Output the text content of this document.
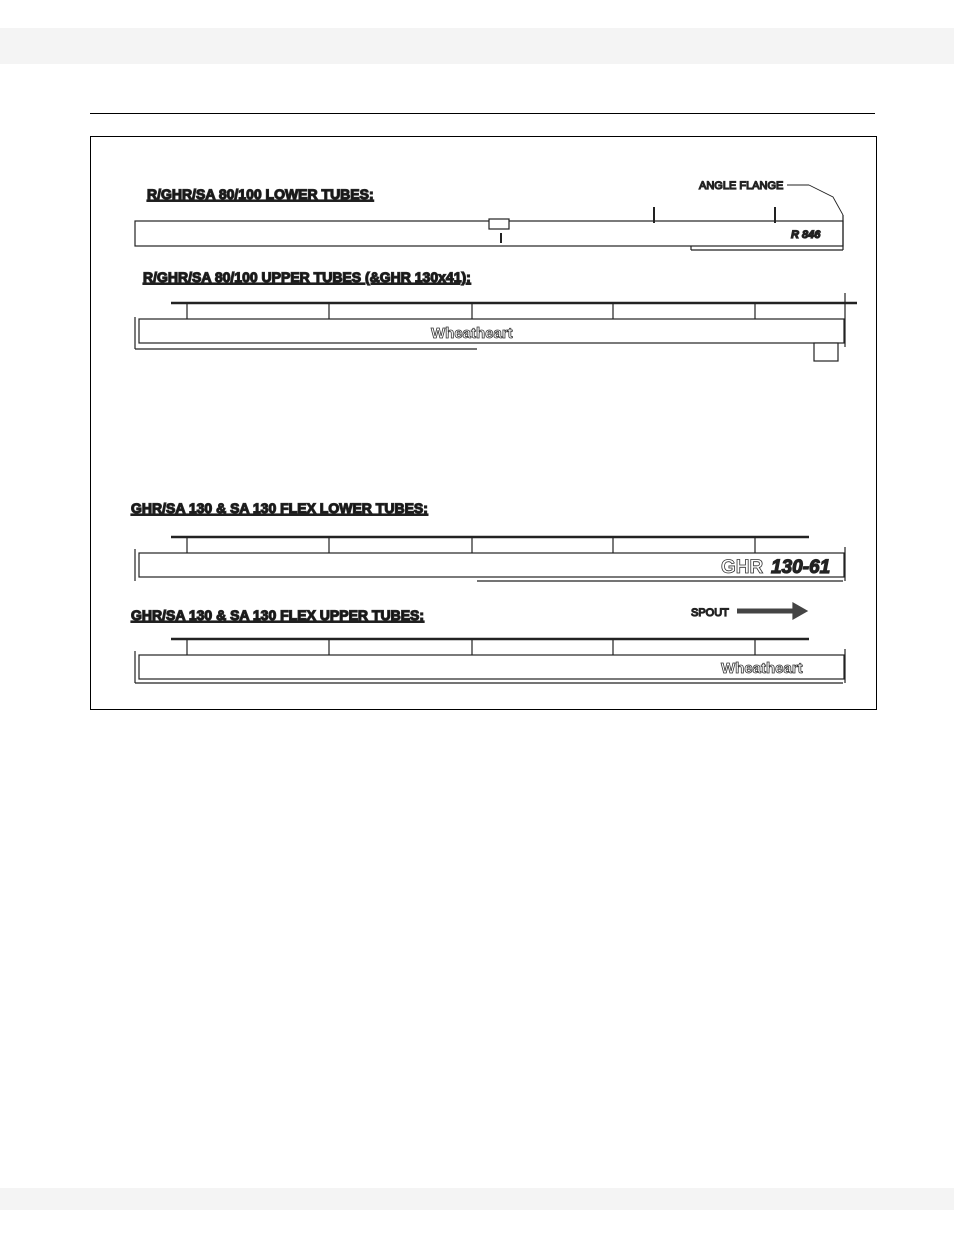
R 846
R/GHR/SA 80/100 LOWER TUBES:	ANGLE FLANGE
Wheatheart
R/GHR/SA 80/100 UPPER TUBES (&GHR 130x41):
GHR 130-61
GHR/SA 130 & SA 130 FLEX LOWER TUBES:
Wheatheart
GHR/SA 130 & SA 130 FLEX UPPER TUBES:	SPOUT
